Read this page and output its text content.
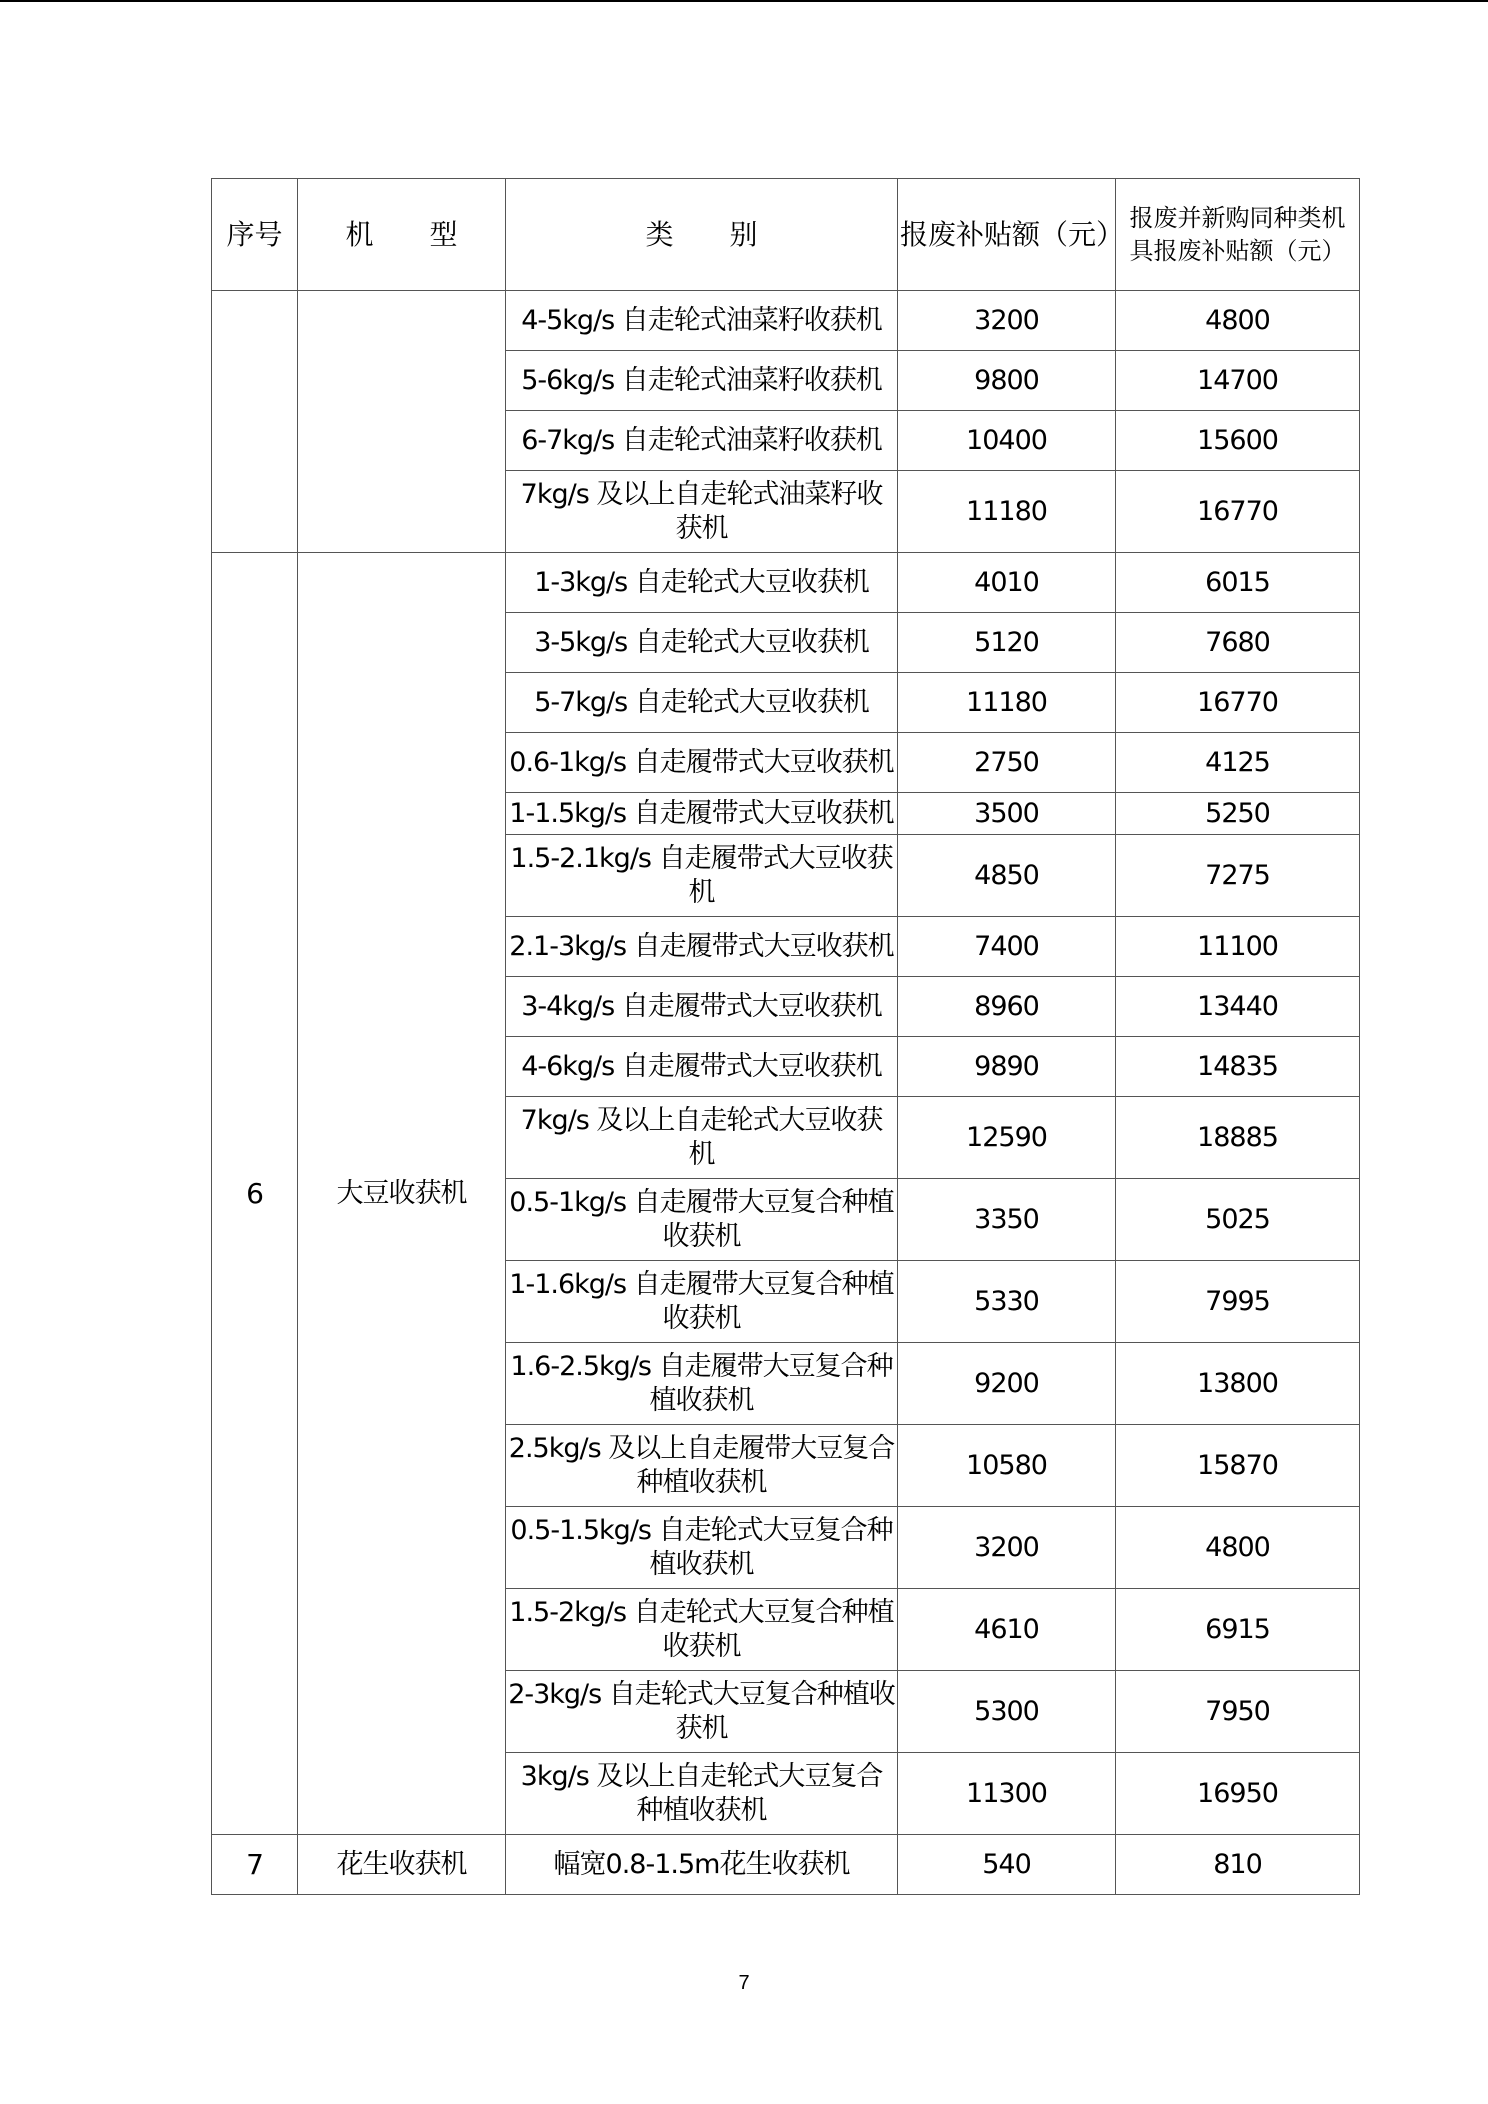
序号	机　　型	类　　别	报废补贴额（元）	报废并新购同种类机具报废补贴额（元）
		4-5kg/s 自走轮式油菜籽收获机	3200	4800
		5-6kg/s 自走轮式油菜籽收获机	9800	14700
		6-7kg/s 自走轮式油菜籽收获机	10400	15600
		7kg/s 及以上自走轮式油菜籽收获机	11180	16770
6	大豆收获机	1-3kg/s 自走轮式大豆收获机	4010	6015
		3-5kg/s 自走轮式大豆收获机	5120	7680
		5-7kg/s 自走轮式大豆收获机	11180	16770
		0.6-1kg/s 自走履带式大豆收获机	2750	4125
		1-1.5kg/s 自走履带式大豆收获机	3500	5250
		1.5-2.1kg/s 自走履带式大豆收获机	4850	7275
		2.1-3kg/s 自走履带式大豆收获机	7400	11100
		3-4kg/s 自走履带式大豆收获机	8960	13440
		4-6kg/s 自走履带式大豆收获机	9890	14835
		7kg/s 及以上自走轮式大豆收获机	12590	18885
		0.5-1kg/s 自走履带大豆复合种植收获机	3350	5025
		1-1.6kg/s 自走履带大豆复合种植收获机	5330	7995
		1.6-2.5kg/s 自走履带大豆复合种植收获机	9200	13800
		2.5kg/s 及以上自走履带大豆复合种植收获机	10580	15870
		0.5-1.5kg/s 自走轮式大豆复合种植收获机	3200	4800
		1.5-2kg/s 自走轮式大豆复合种植收获机	4610	6915
		2-3kg/s 自走轮式大豆复合种植收获机	5300	7950
		3kg/s 及以上自走轮式大豆复合种植收获机	11300	16950
7	花生收获机	幅宽0.8-1.5m花生收获机	540	810
7
